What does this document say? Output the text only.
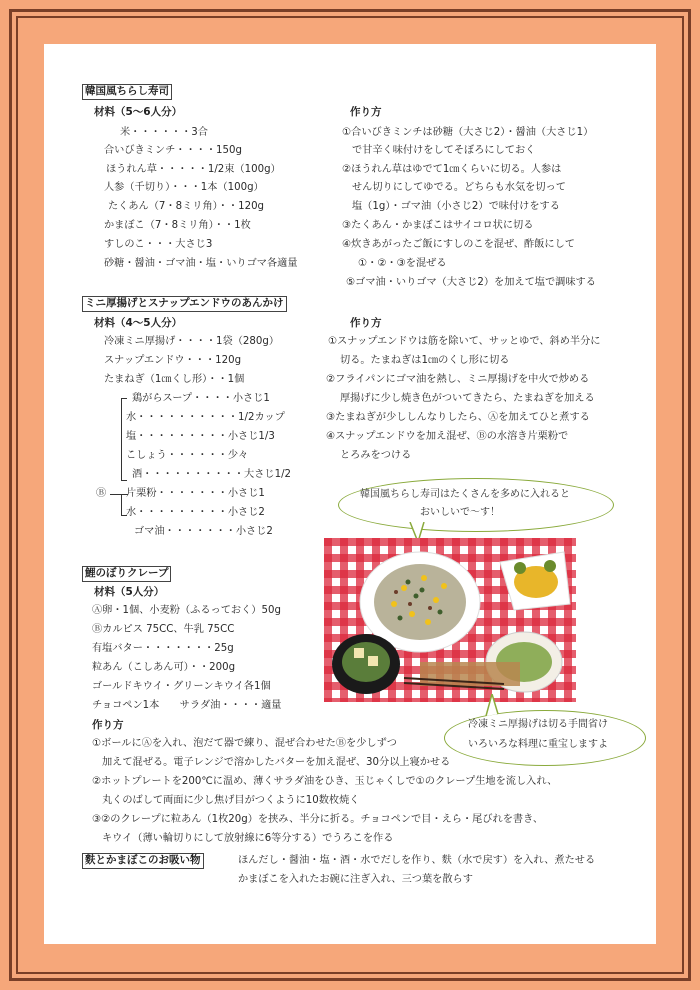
韓国風ちらし寿司
材料（5～6人分）
米・・・・・・3合
合いびきミンチ・・・・150g
ほうれん草・・・・・1/2束（100g）
人参（千切り）・・・1本（100g）
たくあん（7・8ミリ角）・・120g
かまぼこ（7・8ミリ角）・・1枚
すしのこ・・・大さじ3
砂糖・醤油・ゴマ油・塩・いりゴマ各適量
作り方
①合いびきミンチは砂糖（大さじ2）・醤油（大さじ1）
で甘辛く味付けをしてそぼろにしておく
②ほうれん草はゆでて1㎝くらいに切る。人参は
せん切りにしてゆでる。どちらも水気を切って
塩（1g）・ゴマ油（小さじ2）で味付けをする
③たくあん・かまぼこはサイコロ状に切る
④炊きあがったご飯にすしのこを混ぜ、酢飯にして
①・②・③を混ぜる
⑤ゴマ油・いりゴマ（大さじ2）を加えて塩で調味する
ミニ厚揚げとスナップエンドウのあんかけ
材料（4～5人分）
冷凍ミニ厚揚げ・・・・1袋（280g）
スナップエンドウ・・・120g
たまねぎ（1㎝くし形）・・1個
鶏がらスープ・・・・小さじ1
水・・・・・・・・・・1/2カップ
塩・・・・・・・・・小さじ1/3
こしょう・・・・・・少々
酒・・・・・・・・・・大さじ1/2
Ⓑ 片栗粉・・・・・・・小さじ1
水・・・・・・・・・小さじ2
ゴマ油・・・・・・・小さじ2
作り方
①スナップエンドウは筋を除いて、サッとゆで、斜め半分に
切る。たまねぎは1㎝のくし形に切る
②フライパンにゴマ油を熱し、ミニ厚揚げを中火で炒める
厚揚げに少し焼き色がついてきたら、たまねぎを加える
③たまねぎが少ししんなりしたら、Ⓐを加えてひと煮する
④スナップエンドウを加え混ぜ、Ⓑの水溶き片栗粉で
とろみをつける
韓国風ちらし寿司はたくさんを多めに入れると
おいしいで～す！
鯉のぼりクレープ
材料（5人分）
Ⓐ卵・1個、小麦粉（ふるっておく）50g
Ⓑカルピス 75CC、牛乳 75CC
有塩バター・・・・・・・25g
粒あん（こしあん可）・・200g
ゴールドキウイ・グリーンキウイ各1個
チョコペン1本　　サラダ油・・・・適量
作り方
①ボールにⒶを入れ、泡だて器で練り、混ぜ合わせたⒷを少しずつ
加えて混ぜる。電子レンジで溶かしたバターを加え混ぜ、30分以上寝かせる
②ホットプレートを200℃に温め、薄くサラダ油をひき、玉じゃくしで①のクレープ生地を流し入れ、
丸くのばして両面に少し焦げ目がつくように10数枚焼く
③②のクレープに粒あん（1枚20g）を挟み、半分に折る。チョコペンで目・えら・尾びれを書き、
キウイ（薄い輪切りにして放射線に6等分する）でうろこを作る
冷凍ミニ厚揚げは切る手間省け
いろいろな料理に重宝しますよ
麩とかまぼこのお吸い物	ほんだし・醤油・塩・酒・水でだしを作り、麩（水で戻す）を入れ、煮たせる
かまぼこを入れたお碗に注ぎ入れ、三つ葉を散らす
